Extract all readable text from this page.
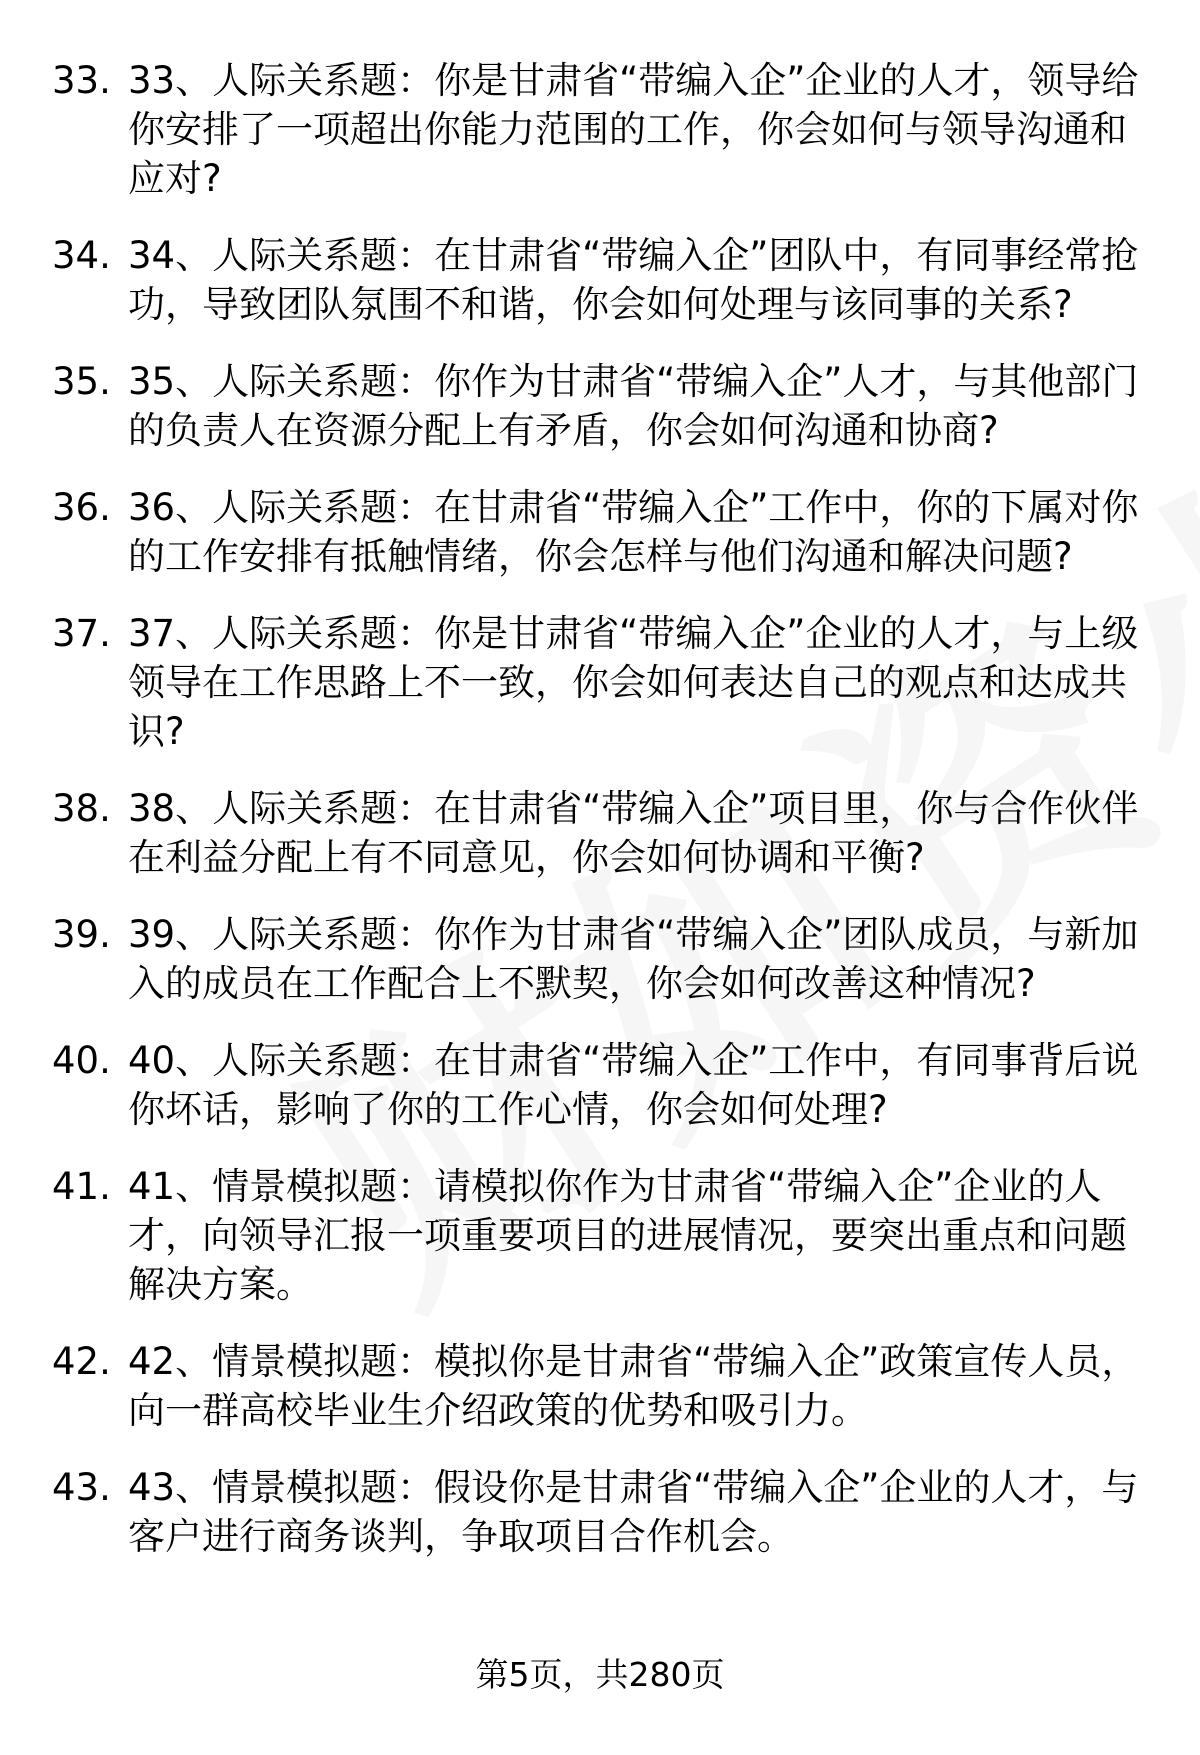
33. 33、人际关系题：你是甘肃省“带编入企”企业的人才，领导给你安排了一项超出你能力范围的工作，你会如何与领导沟通和应对?
34. 34、人际关系题：在甘肃省“带编入企”团队中，有同事经常抢功，导致团队氛围不和谐，你会如何处理与该同事的关系?
35. 35、人际关系题：你作为甘肃省“带编入企”人才，与其他部门的负责人在资源分配上有矛盾，你会如何沟通和协商?
36. 36、人际关系题：在甘肃省“带编入企”工作中，你的下属对你的工作安排有抵触情绪，你会怎样与他们沟通和解决问题?
37. 37、人际关系题：你是甘肃省“带编入企”企业的人才，与上级领导在工作思路上不一致，你会如何表达自己的观点和达成共识?
38. 38、人际关系题：在甘肃省“带编入企”项目里，你与合作伙伴在利益分配上有不同意见，你会如何协调和平衡?
39. 39、人际关系题：你作为甘肃省“带编入企”团队成员，与新加入的成员在工作配合上不默契，你会如何改善这种情况?
40. 40、人际关系题：在甘肃省“带编入企”工作中，有同事背后说你坏话，影响了你的工作心情，你会如何处理?
41. 41、情景模拟题：请模拟你作为甘肃省“带编入企”企业的人才，向领导汇报一项重要项目的进展情况，要突出重点和问题解决方案。
42. 42、情景模拟题：模拟你是甘肃省“带编入企”政策宣传人员，向一群高校毕业生介绍政策的优势和吸引力。
43. 43、情景模拟题：假设你是甘肃省“带编入企”企业的人才，与客户进行商务谈判，争取项目合作机会。
第5页，共280页
